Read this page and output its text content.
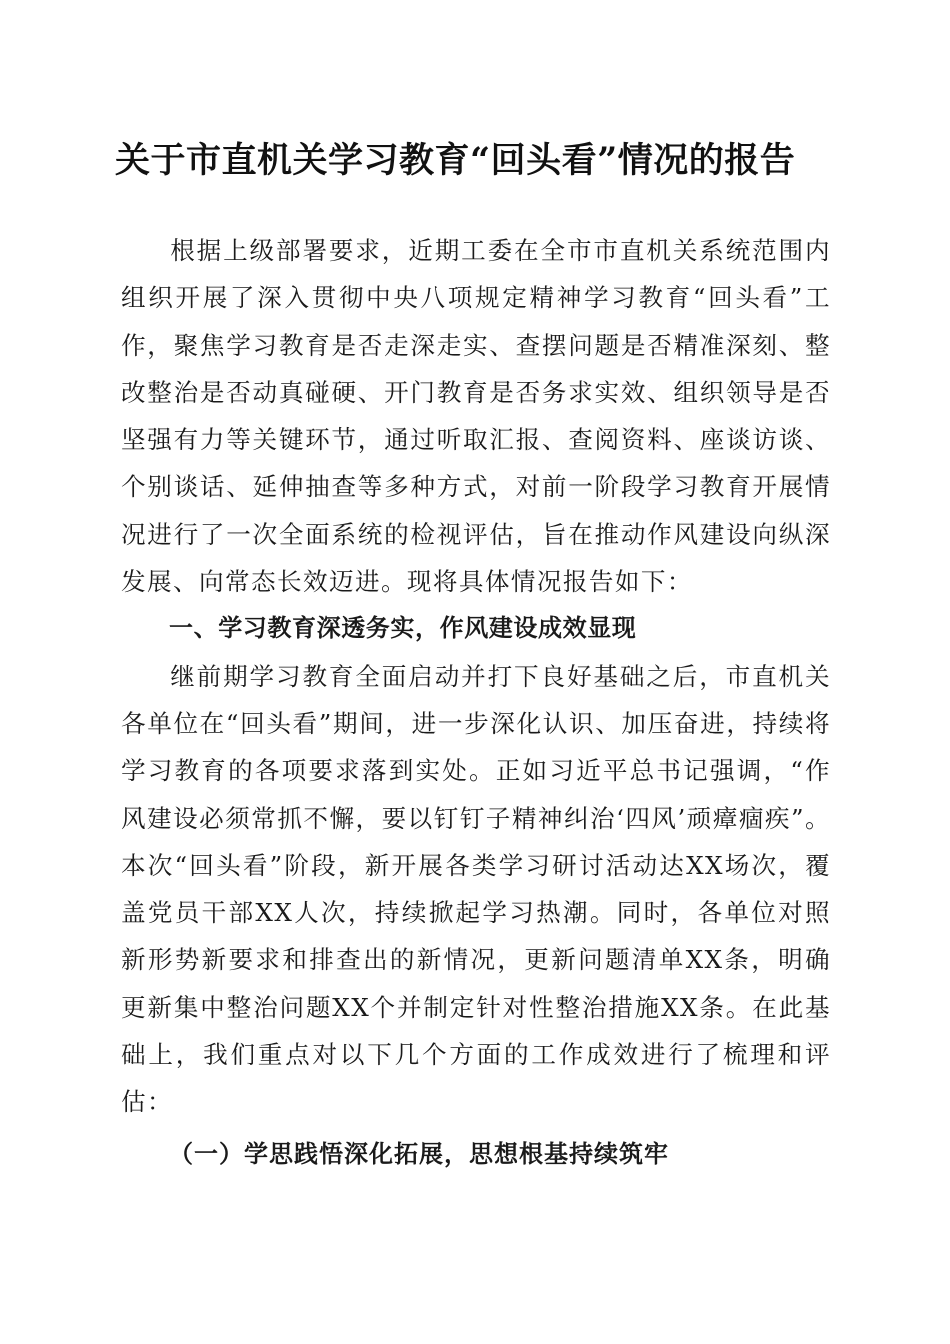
关于市直机关学习教育“回头看”情况的报告

根据上级部署要求，近期工委在全市市直机关系统范围内组织开展了深入贯彻中央八项规定精神学习教育“回头看”工作，聚焦学习教育是否走深走实、查摆问题是否精准深刻、整改整治是否动真碰硬、开门教育是否务求实效、组织领导是否坚强有力等关键环节，通过听取汇报、查阅资料、座谈访谈、个别谈话、延伸抽查等多种方式，对前一阶段学习教育开展情况进行了一次全面系统的检视评估，旨在推动作风建设向纵深发展、向常态长效迈进。现将具体情况报告如下：

一、学习教育深透务实，作风建设成效显现

继前期学习教育全面启动并打下良好基础之后，市直机关各单位在“回头看”期间，进一步深化认识、加压奋进，持续将学习教育的各项要求落到实处。正如习近平总书记强调，“作风建设必须常抓不懈，要以钉钉子精神纠治‘四风’顽瘴痼疾”。本次“回头看”阶段，新开展各类学习研讨活动达XX场次，覆盖党员干部XX人次，持续掀起学习热潮。同时，各单位对照新形势新要求和排查出的新情况，更新问题清单XX条，明确更新集中整治问题XX个并制定针对性整治措施XX条。在此基础上，我们重点对以下几个方面的工作成效进行了梳理和评估：

（一）学思践悟深化拓展，思想根基持续筑牢
